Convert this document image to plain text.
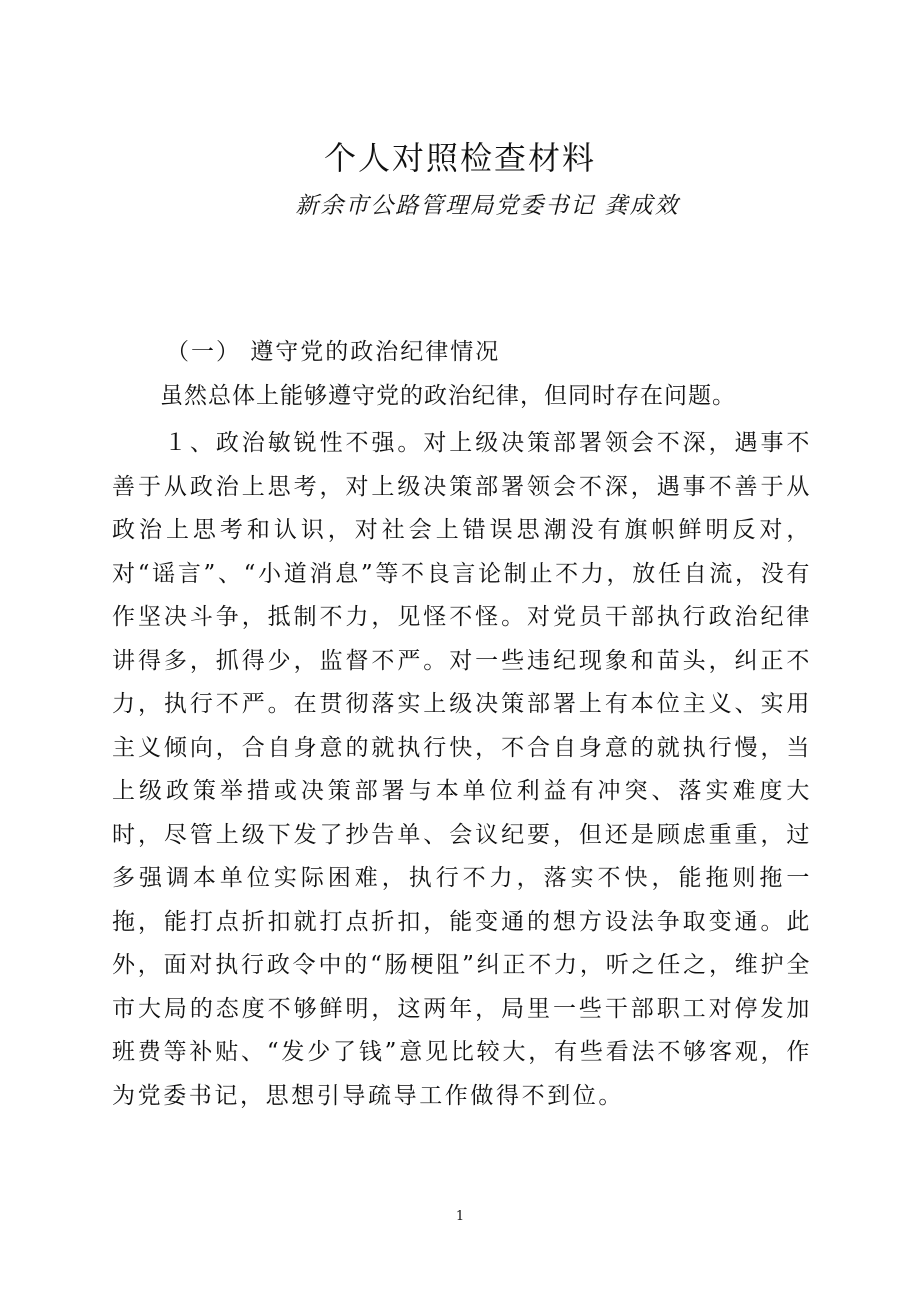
个人对照检查材料
新余市公路管理局党委书记 龚成效
（一） 遵守党的政治纪律情况
虽然总体上能够遵守党的政治纪律，但同时存在问题。

１、政治敏锐性不强。对上级决策部署领会不深，遇事不善于从政治上思考，对上级决策部署领会不深，遇事不善于从政治上思考和认识，对社会上错误思潮没有旗帜鲜明反对，对“谣言”、“小道消息”等不良言论制止不力，放任自流，没有作坚决斗争，抵制不力，见怪不怪。对党员干部执行政治纪律讲得多，抓得少，监督不严。对一些违纪现象和苗头，纠正不力，执行不严。在贯彻落实上级决策部署上有本位主义、实用主义倾向，合自身意的就执行快，不合自身意的就执行慢，当上级政策举措或决策部署与本单位利益有冲突、落实难度大时，尽管上级下发了抄告单、会议纪要，但还是顾虑重重，过多强调本单位实际困难，执行不力，落实不快，能拖则拖一拖，能打点折扣就打点折扣，能变通的想方设法争取变通。此外，面对执行政令中的“肠梗阻”纠正不力，听之任之，维护全市大局的态度不够鲜明，这两年，局里一些干部职工对停发加班费等补贴、“发少了钱”意见比较大，有些看法不够客观，作为党委书记，思想引导疏导工作做得不到位。

1
